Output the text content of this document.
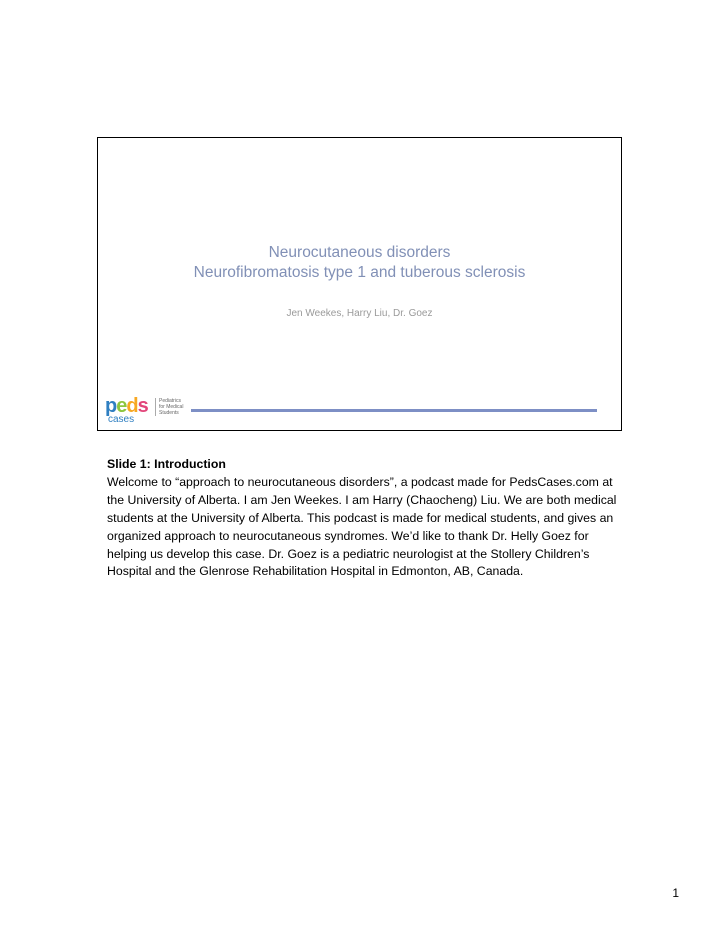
Neurocutaneous disorders
Neurofibromatosis type 1 and tuberous sclerosis
Jen Weekes, Harry Liu, Dr. Goez
peds
cases
Pediatrics
for Medical
Students
Slide 1: Introduction
Welcome to “approach to neurocutaneous disorders”, a podcast made for PedsCases.com at the University of Alberta. I am Jen Weekes. I am Harry (Chaocheng) Liu. We are both medical students at the University of Alberta. This podcast is made for medical students, and gives an organized approach to neurocutaneous syndromes. We’d like to thank Dr. Helly Goez for helping us develop this case. Dr. Goez is a pediatric neurologist at the Stollery Children’s Hospital and the Glenrose Rehabilitation Hospital in Edmonton, AB, Canada.
1
